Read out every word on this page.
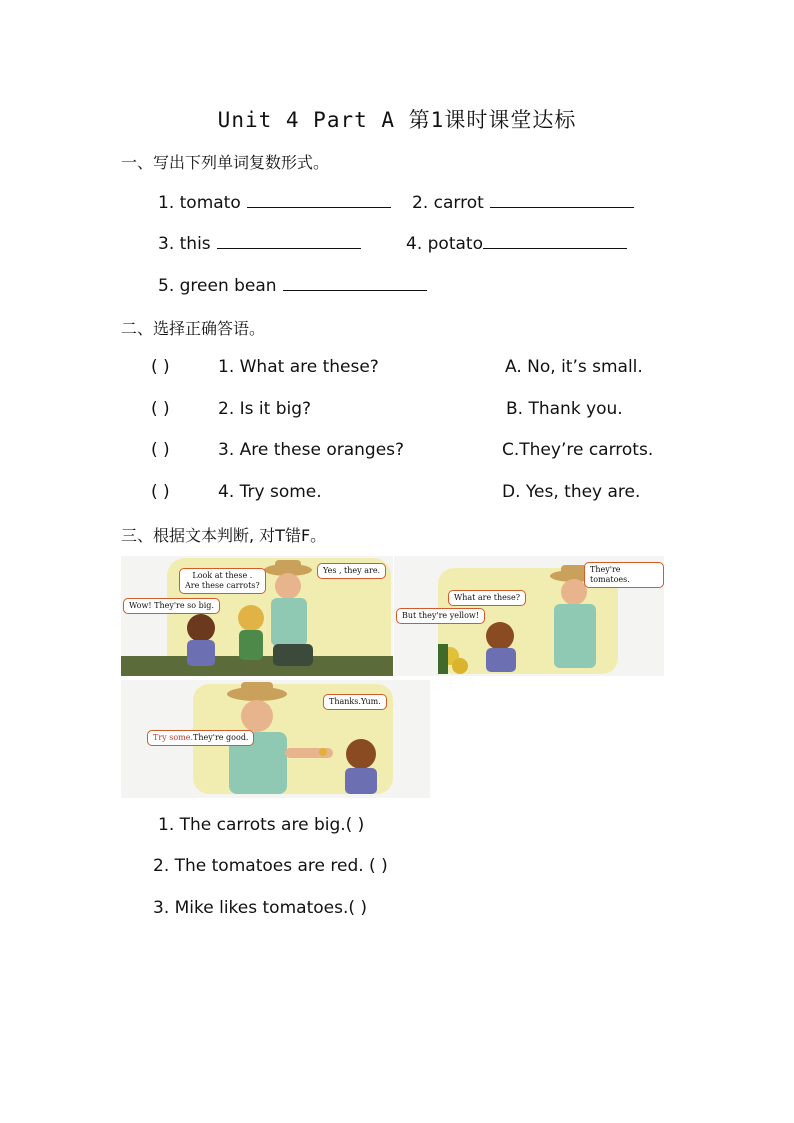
Unit 4 Part A 第1课时课堂达标
一、写出下列单词复数形式。
1. tomato	2. carrot
3. this	4. potato
5. green bean
二、选择正确答语。
( )	1. What are these?	A. No, it’s small.
( )	2. Is it big?	B. Thank you.
( )	3. Are these oranges?	C.They’re carrots.
( )	4. Try some.	D. Yes, they are.
三、根据文本判断, 对T错F。
Look at these .
Are these carrots?
Yes , they are.
Wow! They're so big.
They're tomatoes.
What are these?
But they're yellow!
Thanks.Yum.
Try some.They're good.
1. The carrots are big.( )
2. The tomatoes are red. ( )
3. Mike likes tomatoes.( )
